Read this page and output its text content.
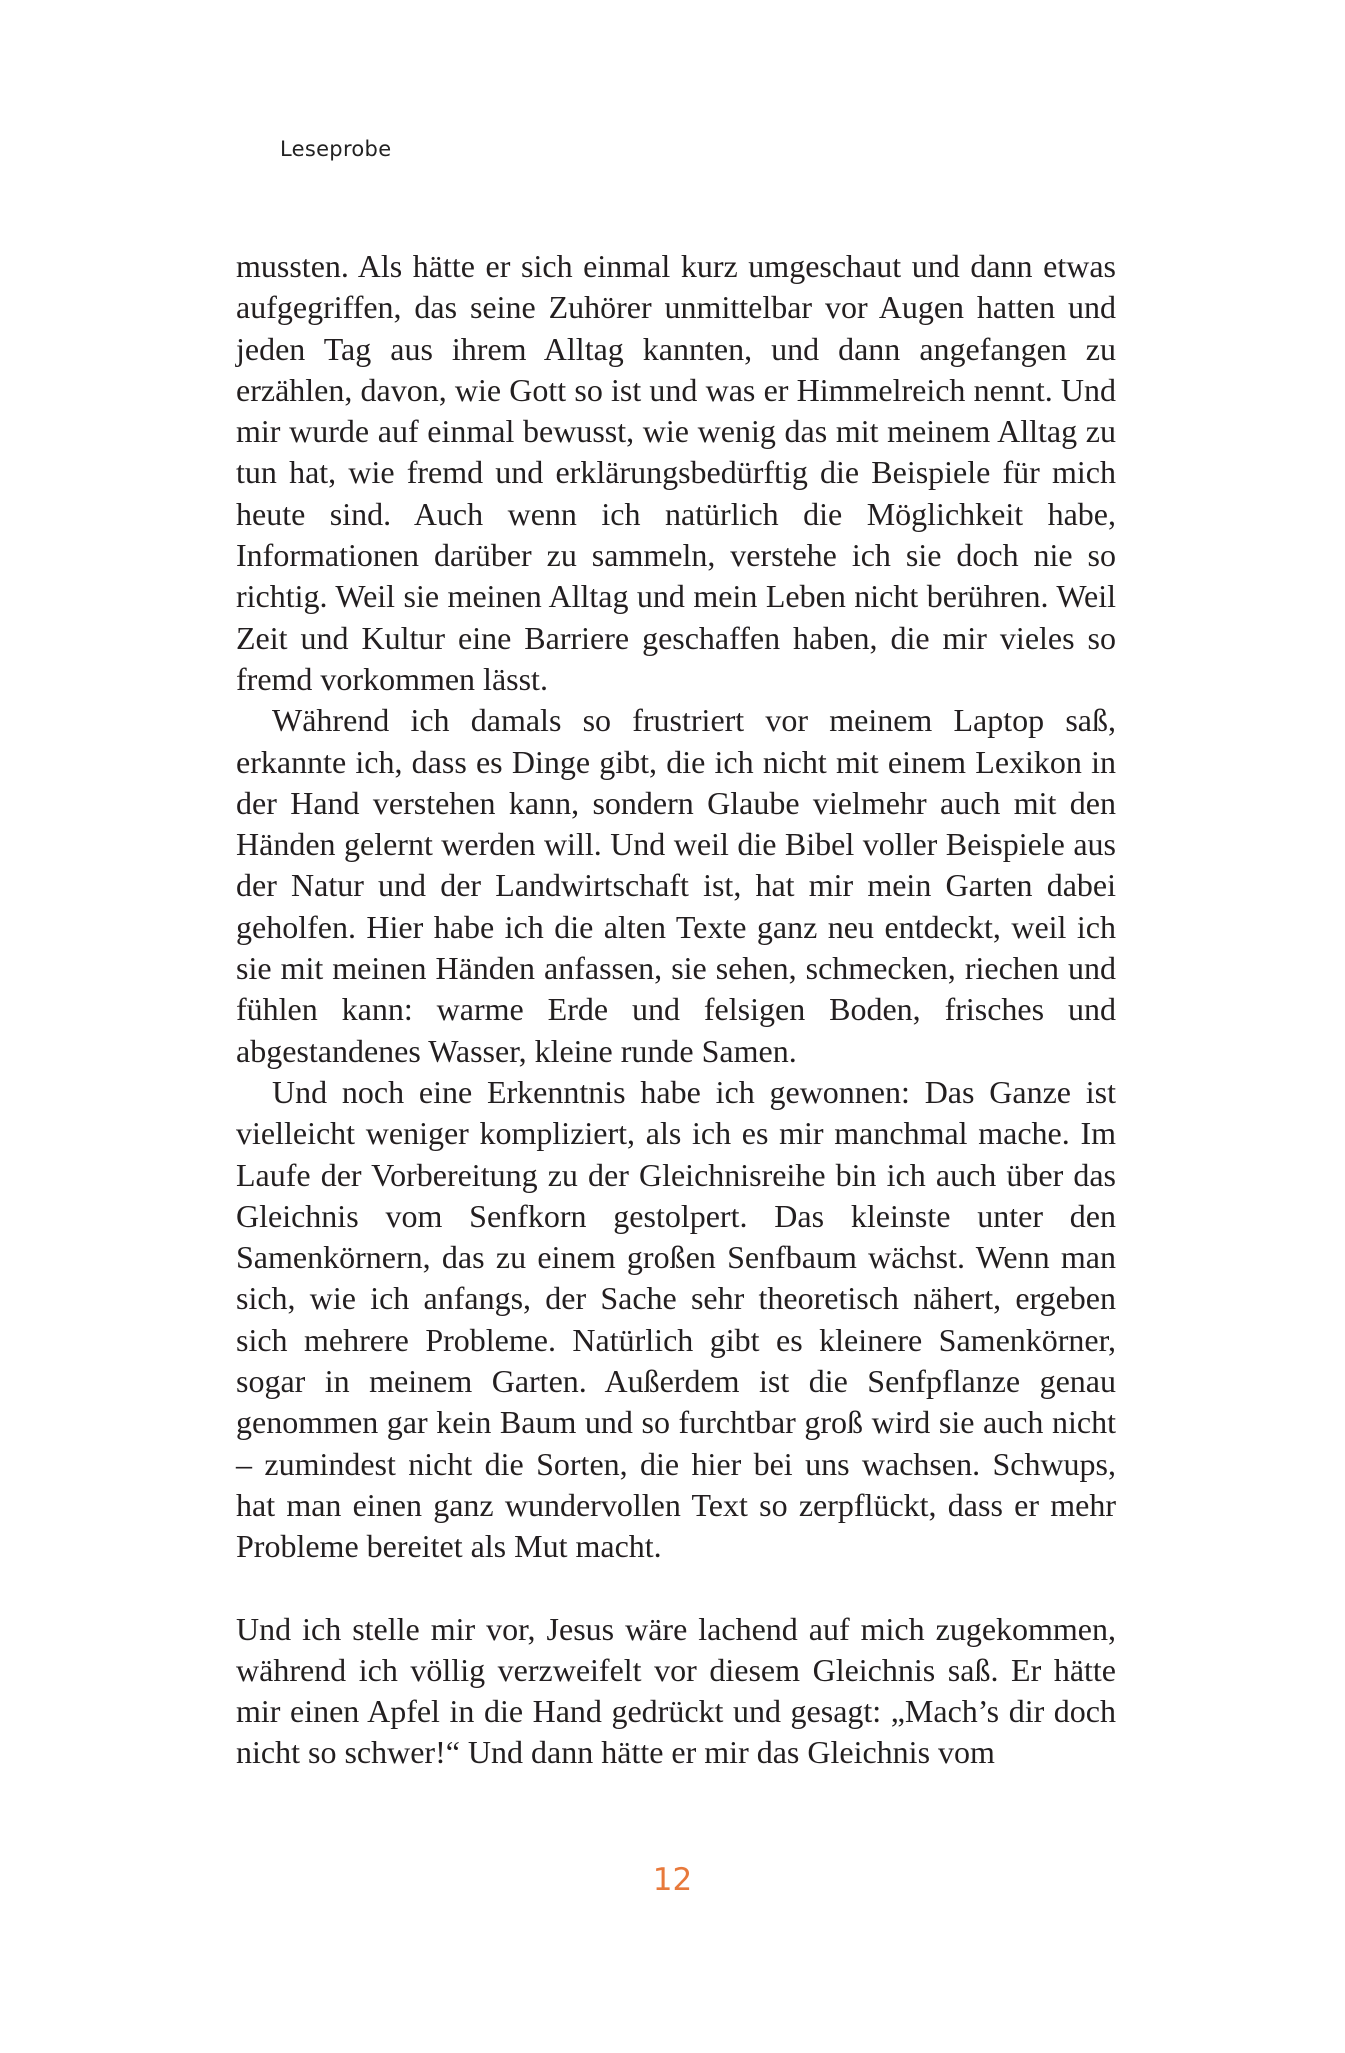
Leseprobe

mussten. Als hätte er sich einmal kurz umgeschaut und dann etwas aufgegriffen, das seine Zuhörer unmittelbar vor Augen hatten und jeden Tag aus ihrem Alltag kannten, und dann angefangen zu erzählen, davon, wie Gott so ist und was er Himmelreich nennt. Und mir wurde auf einmal bewusst, wie wenig das mit meinem Alltag zu tun hat, wie fremd und erklärungsbedürftig die Beispiele für mich heute sind. Auch wenn ich natürlich die Möglichkeit habe, Informationen darüber zu sammeln, verstehe ich sie doch nie so richtig. Weil sie meinen Alltag und mein Leben nicht berühren. Weil Zeit und Kultur eine Barriere geschaffen haben, die mir vieles so fremd vorkommen lässt.

Während ich damals so frustriert vor meinem Laptop saß, erkannte ich, dass es Dinge gibt, die ich nicht mit einem Lexikon in der Hand verstehen kann, sondern Glaube vielmehr auch mit den Händen gelernt werden will. Und weil die Bibel voller Beispiele aus der Natur und der Landwirtschaft ist, hat mir mein Garten dabei geholfen. Hier habe ich die alten Texte ganz neu entdeckt, weil ich sie mit meinen Händen anfassen, sie sehen, schmecken, riechen und fühlen kann: warme Erde und felsigen Boden, frisches und abgestandenes Wasser, kleine runde Samen.

Und noch eine Erkenntnis habe ich gewonnen: Das Ganze ist vielleicht weniger kompliziert, als ich es mir manchmal mache. Im Laufe der Vorbereitung zu der Gleichnisreihe bin ich auch über das Gleichnis vom Senfkorn gestolpert. Das kleinste unter den Samenkörnern, das zu einem großen Senfbaum wächst. Wenn man sich, wie ich anfangs, der Sache sehr theoretisch nähert, ergeben sich mehrere Probleme. Natürlich gibt es kleinere Samenkörner, sogar in meinem Garten. Außerdem ist die Senfpflanze genau genommen gar kein Baum und so furchtbar groß wird sie auch nicht – zumindest nicht die Sorten, die hier bei uns wachsen. Schwups, hat man einen ganz wundervollen Text so zerpflückt, dass er mehr Probleme bereitet als Mut macht.

Und ich stelle mir vor, Jesus wäre lachend auf mich zugekommen, während ich völlig verzweifelt vor diesem Gleichnis saß. Er hätte mir einen Apfel in die Hand gedrückt und gesagt: „Mach’s dir doch nicht so schwer!“ Und dann hätte er mir das Gleichnis vom

12
